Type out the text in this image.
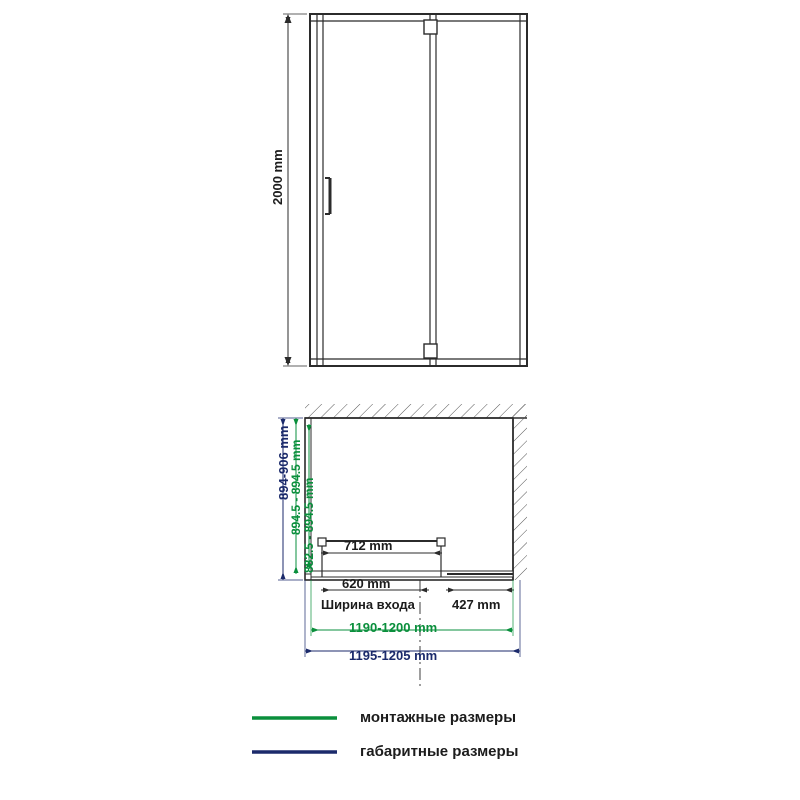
2000 mm
894-906 mm
894.5 - 894.5 mm 882.5 - 894.5 mm 712 mm
620 mm
Ширина входа	427 mm
1190-1200 mm
1195-1205 mm
монтажные размеры
габаритные размеры
